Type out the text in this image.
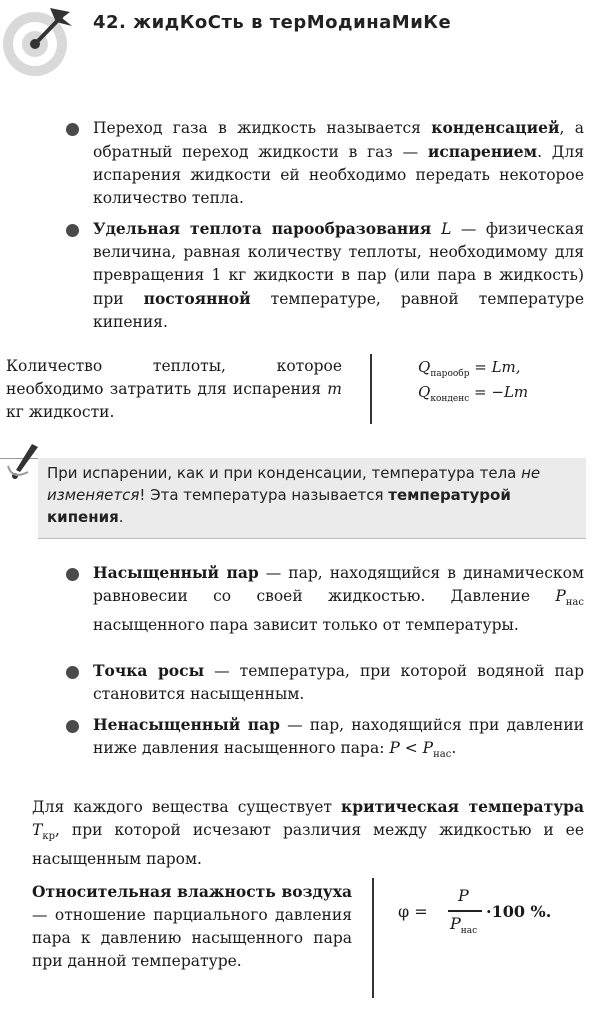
42. жидКоСть в терМодинаМиКе
Переход газа в жидкость называется конденсацией, а обратный переход жидкости в газ — испарением. Для испарения жидкости ей необходимо передать некоторое количество тепла.
Удельная теплота парообразования L — физическая величина, равная количеству теплоты, необходимому для превращения 1 кг жидкости в пар (или пара в жидкость) при постоянной температуре, равной температуре кипения.
Количество теплоты, которое необходимо затратить для испарения m кг жидкости.
$Q_{парообр} = Lm$,
$Q_{конденс} = -Lm$
При испарении, как и при конденсации, температура тела не изменяется! Эта температура называется температурой кипения.
Насыщенный пар — пар, находящийся в динамическом равновесии со своей жидкостью. Давление $P_{нас}$ насыщенного пара зависит только от температуры.
Точка росы — температура, при которой водяной пар становится насыщенным.
Ненасыщенный пар — пар, находящийся при давлении ниже давления насыщенного пара: $P < P_{нас}$.
Для каждого вещества существует критическая температура $T_{кр}$, при которой исчезают различия между жидкостью и ее насыщенным паром.
Относительная влажность воздуха — отношение парциального давления пара к давлению насыщенного пара при данной температуре.
φ =
P
$P_{нас}$
·100 %.
